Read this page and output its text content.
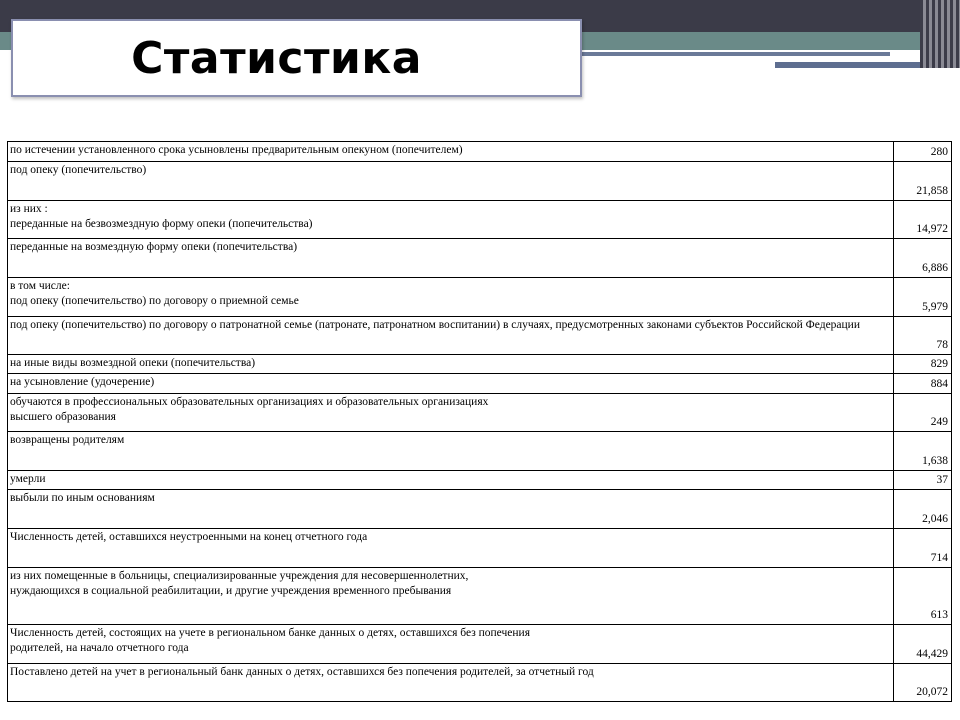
Статистика
по истечении установленного срока усыновлены предварительным опекуном (попечителем)	280
под опеку (попечительство)	21,858
из них :
переданные на безвозмездную форму опеки (попечительства)	14,972
переданные на возмездную форму опеки (попечительства)	6,886
в том числе:
под опеку (попечительство) по договору о приемной семье	5,979
под опеку (попечительство) по договору о патронатной семье (патронате, патронатном воспитании) в случаях, предусмотренных законами субъектов Российской Федерации	78
на иные виды возмездной опеки (попечительства)	829
на усыновление (удочерение)	884
обучаются в профессиональных образовательных организациях и образовательных организациях
высшего образования	249
возвращены родителям	1,638
умерли	37
выбыли по иным основаниям	2,046
Численность детей, оставшихся неустроенными на конец отчетного года	714
из них помещенные в больницы, специализированные учреждения для несовершеннолетних,
нуждающихся в социальной реабилитации, и другие учреждения временного пребывания	613
Численность детей, состоящих на учете в региональном банке данных о детях, оставшихся без попечения
родителей, на начало отчетного года	44,429
Поставлено детей на учет в региональный банк данных о детях, оставшихся без попечения родителей, за отчетный год	20,072
